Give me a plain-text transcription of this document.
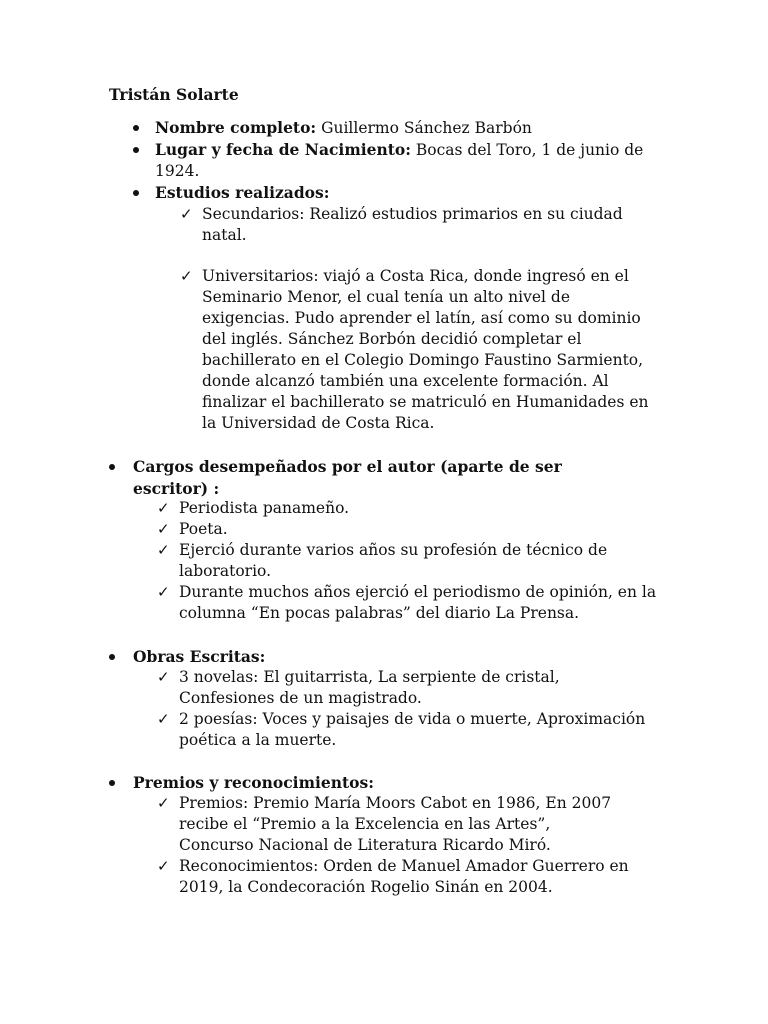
Tristán Solarte

Nombre completo: Guillermo Sánchez Barbón
Lugar y fecha de Nacimiento: Bocas del Toro, 1 de junio de 1924.
Estudios realizados:
✓ Secundarios: Realizó estudios primarios en su ciudad natal.
✓ Universitarios: viajó a Costa Rica, donde ingresó en el Seminario Menor, el cual tenía un alto nivel de exigencias. Pudo aprender el latín, así como su dominio del inglés. Sánchez Borbón decidió completar el bachillerato en el Colegio Domingo Faustino Sarmiento, donde alcanzó también una excelente formación. Al finalizar el bachillerato se matriculó en Humanidades en la Universidad de Costa Rica.
Cargos desempeñados por el autor (aparte de ser escritor) :
✓ Periodista panameño.
✓ Poeta.
✓ Ejerció durante varios años su profesión de técnico de laboratorio.
✓ Durante muchos años ejerció el periodismo de opinión, en la columna “En pocas palabras” del diario La Prensa.
Obras Escritas:
✓ 3 novelas: El guitarrista, La serpiente de cristal, Confesiones de un magistrado.
✓ 2 poesías: Voces y paisajes de vida o muerte, Aproximación poética a la muerte.
Premios y reconocimientos:
✓ Premios: Premio María Moors Cabot en 1986, En 2007 recibe el “Premio a la Excelencia en las Artes”, Concurso Nacional de Literatura Ricardo Miró.
✓ Reconocimientos: Orden de Manuel Amador Guerrero en 2019, la Condecoración Rogelio Sinán en 2004.
